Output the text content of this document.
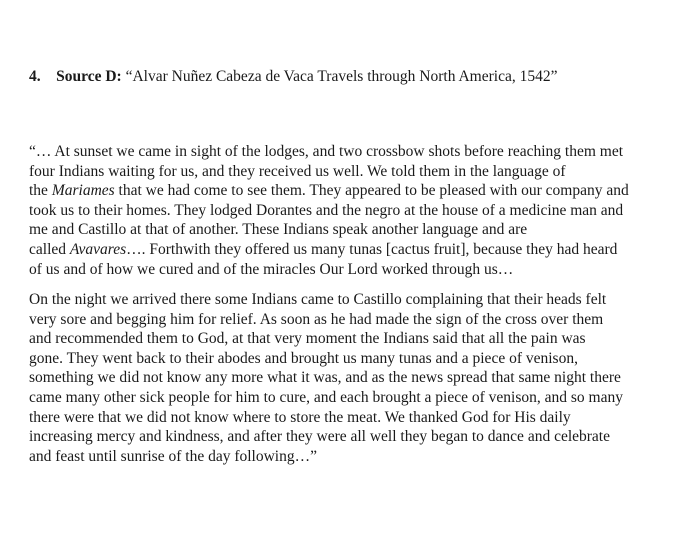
4. Source D: “Alvar Nuñez Cabeza de Vaca Travels through North America, 1542”

“… At sunset we came in sight of the lodges, and two crossbow shots before reaching them met
four Indians waiting for us, and they received us well. We told them in the language of
the Mariames that we had come to see them. They appeared to be pleased with our company and
took us to their homes. They lodged Dorantes and the negro at the house of a medicine man and
me and Castillo at that of another. These Indians speak another language and are
called Avavares…. Forthwith they offered us many tunas [cactus fruit], because they had heard
of us and of how we cured and of the miracles Our Lord worked through us…

On the night we arrived there some Indians came to Castillo complaining that their heads felt
very sore and begging him for relief. As soon as he had made the sign of the cross over them
and recommended them to God, at that very moment the Indians said that all the pain was
gone. They went back to their abodes and brought us many tunas and a piece of venison,
something we did not know any more what it was, and as the news spread that same night there
came many other sick people for him to cure, and each brought a piece of venison, and so many
there were that we did not know where to store the meat. We thanked God for His daily
increasing mercy and kindness, and after they were all well they began to dance and celebrate
and feast until sunrise of the day following…”
